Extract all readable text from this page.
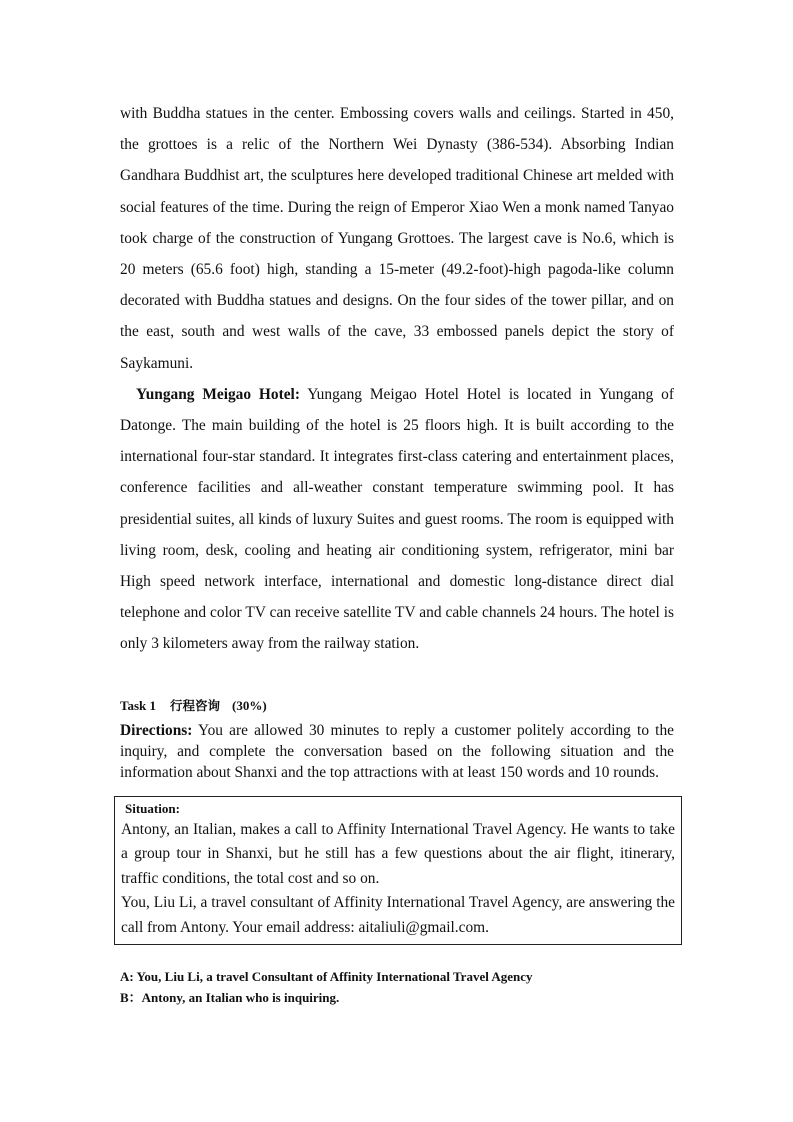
with Buddha statues in the center. Embossing covers walls and ceilings. Started in 450, the grottoes is a relic of the Northern Wei Dynasty (386-534). Absorbing Indian Gandhara Buddhist art, the sculptures here developed traditional Chinese art melded with social features of the time. During the reign of Emperor Xiao Wen a monk named Tanyao took charge of the construction of Yungang Grottoes. The largest cave is No.6, which is 20 meters (65.6 foot) high, standing a 15-meter (49.2-foot)-high pagoda-like column decorated with Buddha statues and designs. On the four sides of the tower pillar, and on the east, south and west walls of the cave, 33 embossed panels depict the story of Saykamuni.

Yungang Meigao Hotel: Yungang Meigao Hotel Hotel is located in Yungang of Datonge. The main building of the hotel is 25 floors high. It is built according to the international four-star standard. It integrates first-class catering and entertainment places, conference facilities and all-weather constant temperature swimming pool. It has presidential suites, all kinds of luxury Suites and guest rooms. The room is equipped with living room, desk, cooling and heating air conditioning system, refrigerator, mini bar High speed network interface, international and domestic long-distance direct dial telephone and color TV can receive satellite TV and cable channels 24 hours. The hotel is only 3 kilometers away from the railway station.

Task 1 行程咨询 (30%)

Directions: You are allowed 30 minutes to reply a customer politely according to the inquiry, and complete the conversation based on the following situation and the information about Shanxi and the top attractions with at least 150 words and 10 rounds.

Situation:

Antony, an Italian, makes a call to Affinity International Travel Agency. He wants to take a group tour in Shanxi, but he still has a few questions about the air flight, itinerary, traffic conditions, the total cost and so on.

You, Liu Li, a travel consultant of Affinity International Travel Agency, are answering the call from Antony. Your email address: aitaliuli@gmail.com.

A: You, Liu Li, a travel Consultant of Affinity International Travel Agency
B：Antony, an Italian who is inquiring.
